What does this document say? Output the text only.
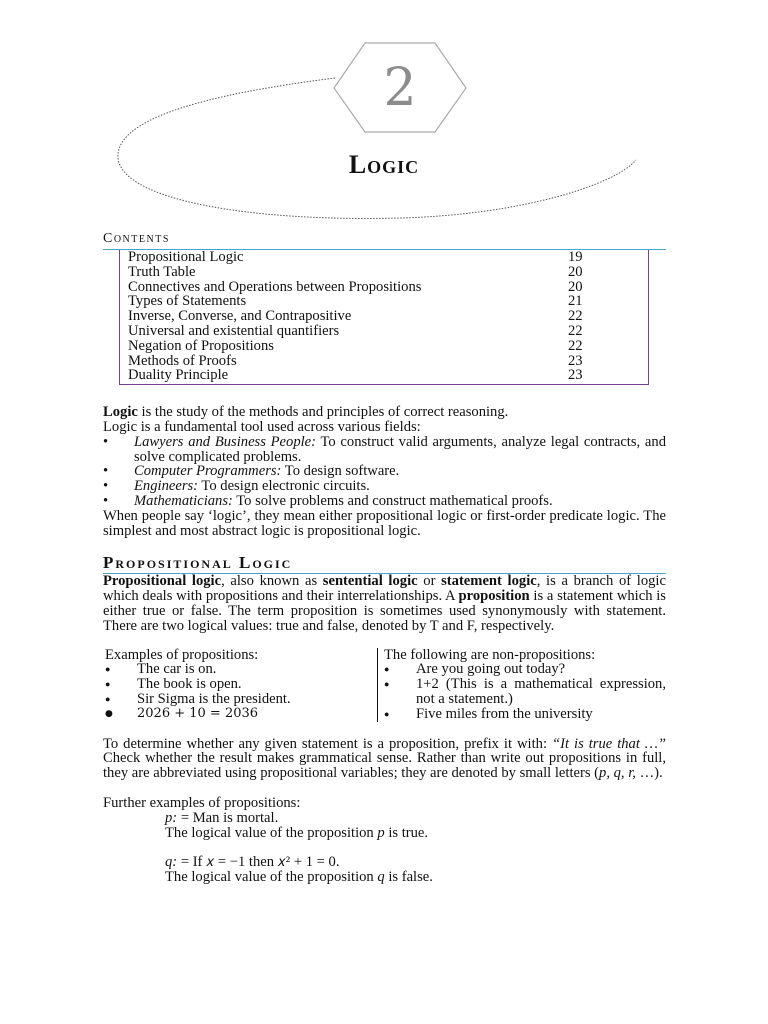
2
Logic
Contents
Propositional Logic	19
Truth Table	20
Connectives and Operations between Propositions	20
Types of Statements	21
Inverse, Converse, and Contrapositive	22
Universal and existential quantifiers	22
Negation of Propositions	22
Methods of Proofs	23
Duality Principle	23

Logic is the study of the methods and principles of correct reasoning.

Logic is a fundamental tool used across various fields:

• Lawyers and Business People: To construct valid arguments, analyze legal contracts, and solve complicated problems.
• Computer Programmers: To design software.
• Engineers: To design electronic circuits.
• Mathematicians: To solve problems and construct mathematical proofs.

When people say ‘logic’, they mean either propositional logic or first-order predicate logic. The simplest and most abstract logic is propositional logic.

Propositional Logic

Propositional logic, also known as sentential logic or statement logic, is a branch of logic which deals with propositions and their interrelationships. A proposition is a statement which is either true or false. The term proposition is sometimes used synonymously with statement. There are two logical values: true and false, denoted by T and F, respectively.

Examples of propositions:
● The car is on.
● The book is open.
● Sir Sigma is the president.
● 2026 + 10 = 2036
The following are non-propositions:
● Are you going out today?
● 1+2 (This is a mathematical expression, not a statement.)
● Five miles from the university

To determine whether any given statement is a proposition, prefix it with: “It is true that …” Check whether the result makes grammatical sense. Rather than write out propositions in full, they are abbreviated using propositional variables; they are denoted by small letters (p, q, r, …).

Further examples of propositions:

p: = Man is mortal.

The logical value of the proposition p is true.

q: = If 𝑥 = −1 then 𝑥² + 1 = 0.

The logical value of the proposition q is false.
